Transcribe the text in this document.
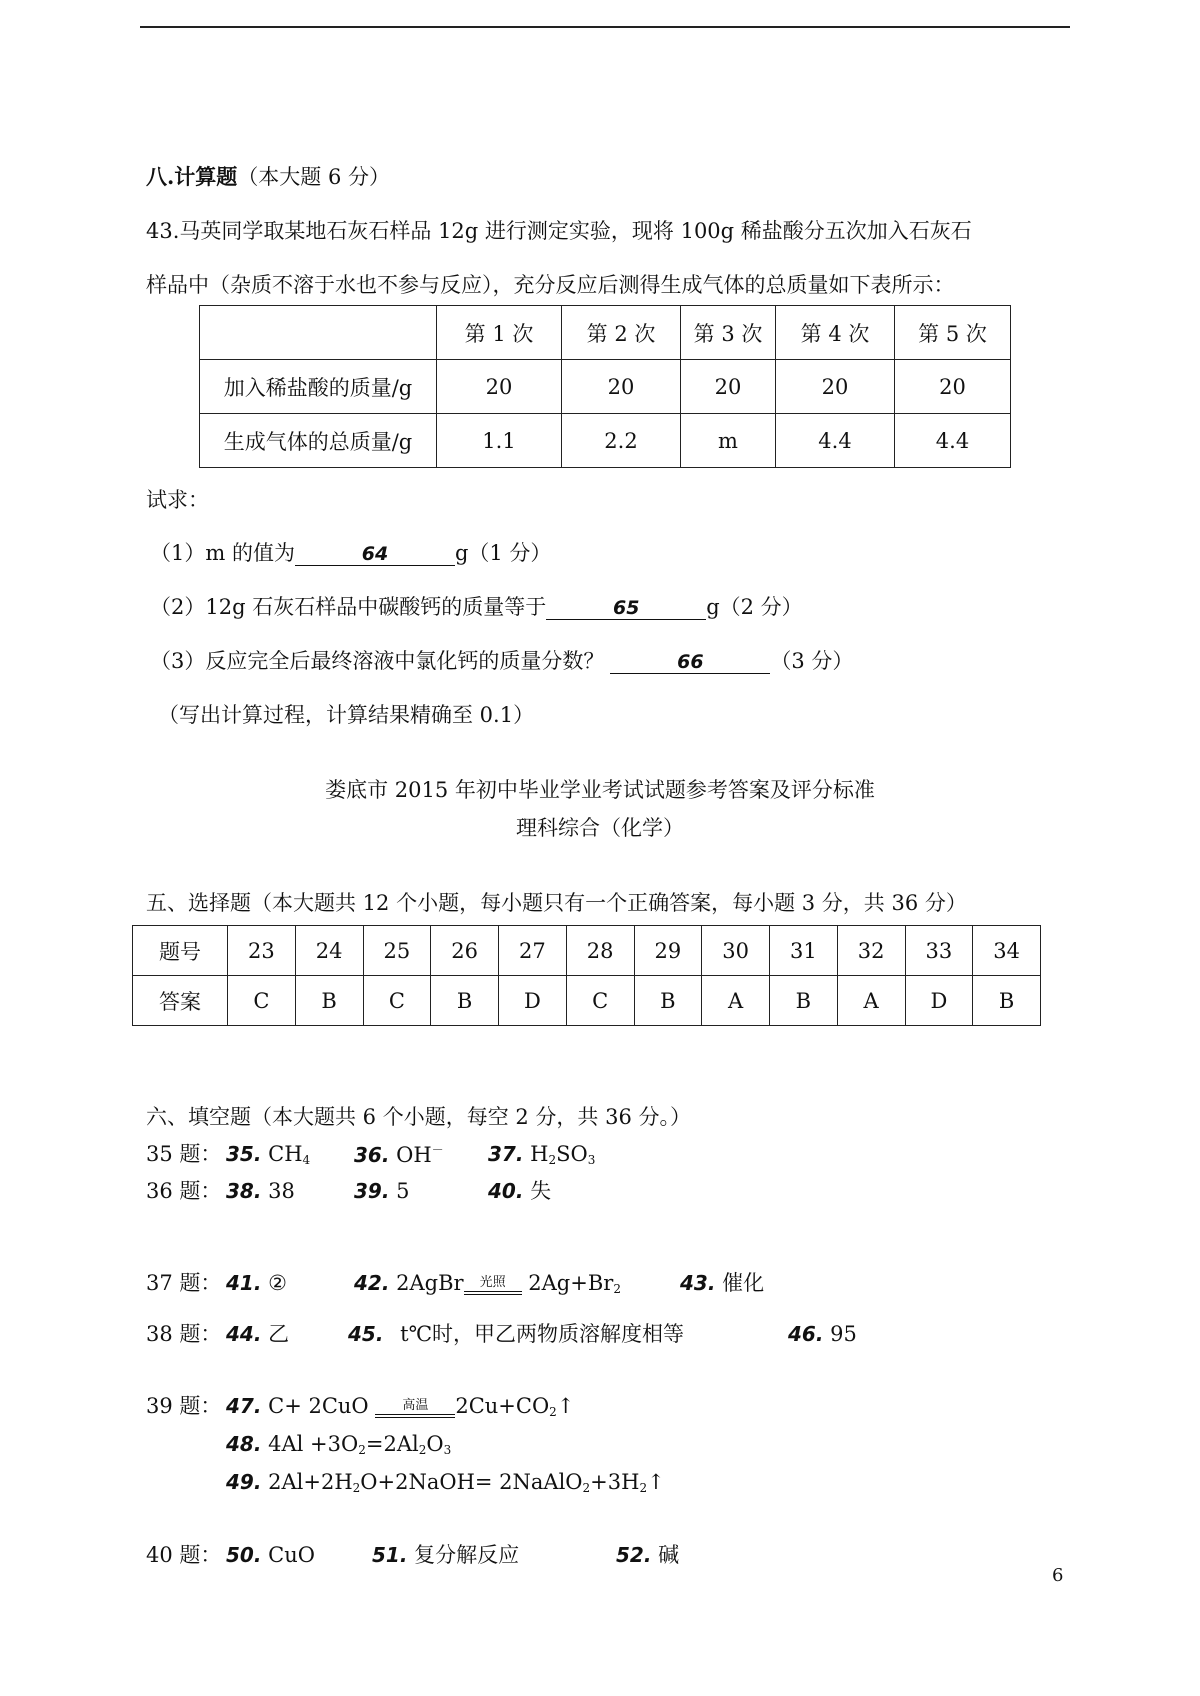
八.计算题（本大题 6 分）
43.马英同学取某地石灰石样品 12g 进行测定实验，现将 100g 稀盐酸分五次加入石灰石
样品中（杂质不溶于水也不参与反应），充分反应后测得生成气体的总质量如下表所示：
	第 1 次	第 2 次	第 3 次	第 4 次	第 5 次
加入稀盐酸的质量/g	20	20	20	20	20
生成气体的总质量/g	1.1	2.2	m	4.4	4.4
试求：
（1）m 的值为	64	g（1 分）
（2）12g 石灰石样品中碳酸钙的质量等于	65	g（2 分）
（3）反应完全后最终溶液中氯化钙的质量分数？	66	（3 分）
（写出计算过程，计算结果精确至 0.1）
娄底市 2015 年初中毕业学业考试试题参考答案及评分标准
理科综合（化学）
五、选择题（本大题共 12 个小题，每小题只有一个正确答案，每小题 3 分，共 36 分）
题号	23	24	25	26	27	28	29	30	31	32	33	34
答案	C	B	C	B	D	C	B	A	B	A	D	B
六、填空题（本大题共 6 个小题，每空 2 分，共 36 分。）
35 题： 35. $CH_4$ 36. OH－ 37. $H_2SO_3$
36 题： 38. 38	39. 5	40. 失
37 题： 41. ②	42. 2AgBr	光照	$2Ag+Br_2$	43. 催化
38 题： 44. 乙	45. t℃时，甲乙两物质溶解度相等	46. 95
39 题： 47. C+ 2CuO	高温	$2Cu+CO_2↑$
48. $4Al +3O_2=2Al_2O_3$
49. $2Al+2H_2O+2NaOH=$ $2NaAlO_2+3H_2↑$
40 题： 50. CuO	51. 复分解反应	52. 碱
6
